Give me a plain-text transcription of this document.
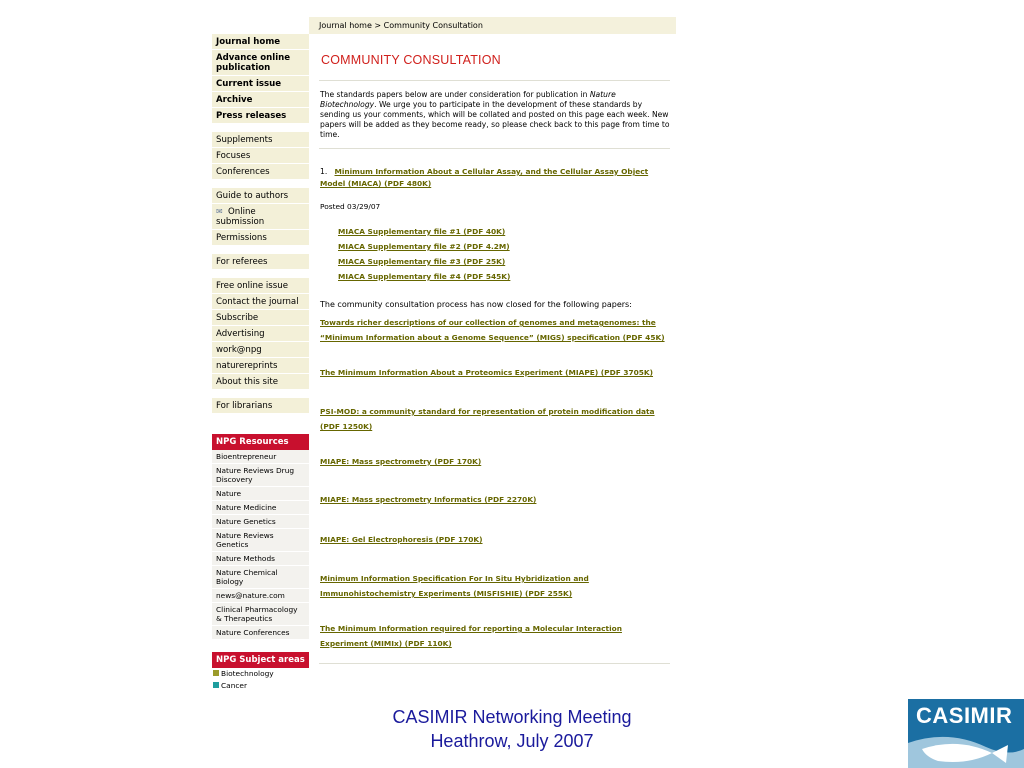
Journal home
Advance online publication
Current issue
Archive
Press releases
Supplements
Focuses
Conferences
Guide to authors
✉ Online submission
Permissions
For referees
Free online issue
Contact the journal
Subscribe
Advertising
work@npg
naturereprints
About this site
For librarians
NPG Resources
Bioentrepreneur
Nature Reviews Drug Discovery
Nature
Nature Medicine
Nature Genetics
Nature Reviews Genetics
Nature Methods
Nature Chemical Biology
news@nature.com
Clinical Pharmacology & Therapeutics
Nature Conferences
NPG Subject areas
Biotechnology
Cancer
Journal home > Community Consultation
COMMUNITY CONSULTATION
The standards papers below are under consideration for publication in Nature Biotechnology. We urge you to participate in the development of these standards by sending us your comments, which will be collated and posted on this page each week. New papers will be added as they become ready, so please check back to this page from time to time.
1. Minimum Information About a Cellular Assay, and the Cellular Assay Object Model (MIACA) (PDF 480K)
Posted 03/29/07
MIACA Supplementary file #1 (PDF 40K)
MIACA Supplementary file #2 (PDF 4.2M)
MIACA Supplementary file #3 (PDF 25K)
MIACA Supplementary file #4 (PDF 545K)
The community consultation process has now closed for the following papers:
Towards richer descriptions of our collection of genomes and metagenomes: the “Minimum Information about a Genome Sequence” (MIGS) specification (PDF 45K)
The Minimum Information About a Proteomics Experiment (MIAPE) (PDF 3705K)
PSI-MOD: a community standard for representation of protein modification data (PDF 1250K)
MIAPE: Mass spectrometry (PDF 170K)
MIAPE: Mass spectrometry Informatics (PDF 2270K)
MIAPE: Gel Electrophoresis (PDF 170K)
Minimum Information Specification For In Situ Hybridization and Immunohistochemistry Experiments (MISFISHIE) (PDF 255K)
The Minimum Information required for reporting a Molecular Interaction Experiment (MIMIx) (PDF 110K)
CASIMIR Networking Meeting
Heathrow, July 2007
CASIMIR
